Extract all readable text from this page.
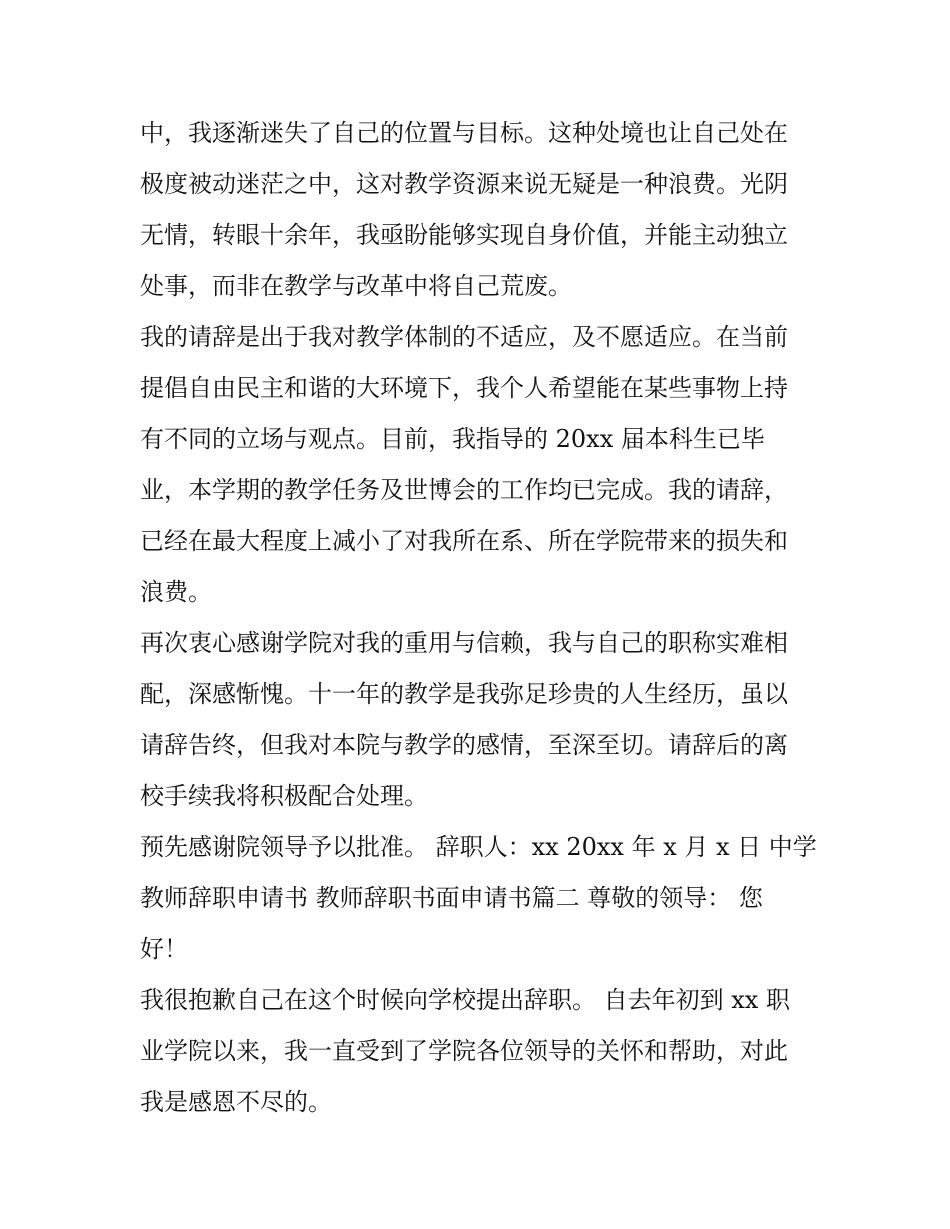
中，我逐渐迷失了自己的位置与目标。这种处境也让自己处在
极度被动迷茫之中，这对教学资源来说无疑是一种浪费。光阴
无情，转眼十余年，我亟盼能够实现自身价值，并能主动独立
处事，而非在教学与改革中将自己荒废。
我的请辞是出于我对教学体制的不适应，及不愿适应。在当前
提倡自由民主和谐的大环境下，我个人希望能在某些事物上持
有不同的立场与观点。目前，我指导的 20xx 届本科生已毕
业，本学期的教学任务及世博会的工作均已完成。我的请辞，
已经在最大程度上减小了对我所在系、所在学院带来的损失和
浪费。
再次衷心感谢学院对我的重用与信赖，我与自己的职称实难相
配，深感惭愧。十一年的教学是我弥足珍贵的人生经历，虽以
请辞告终，但我对本院与教学的感情，至深至切。请辞后的离
校手续我将积极配合处理。
预先感谢院领导予以批准。 辞职人：xx 20xx 年 x 月 x 日 中学
教师辞职申请书 教师辞职书面申请书篇二 尊敬的领导： 您
好！
我很抱歉自己在这个时候向学校提出辞职。 自去年初到 xx 职
业学院以来，我一直受到了学院各位领导的关怀和帮助，对此
我是感恩不尽的。
